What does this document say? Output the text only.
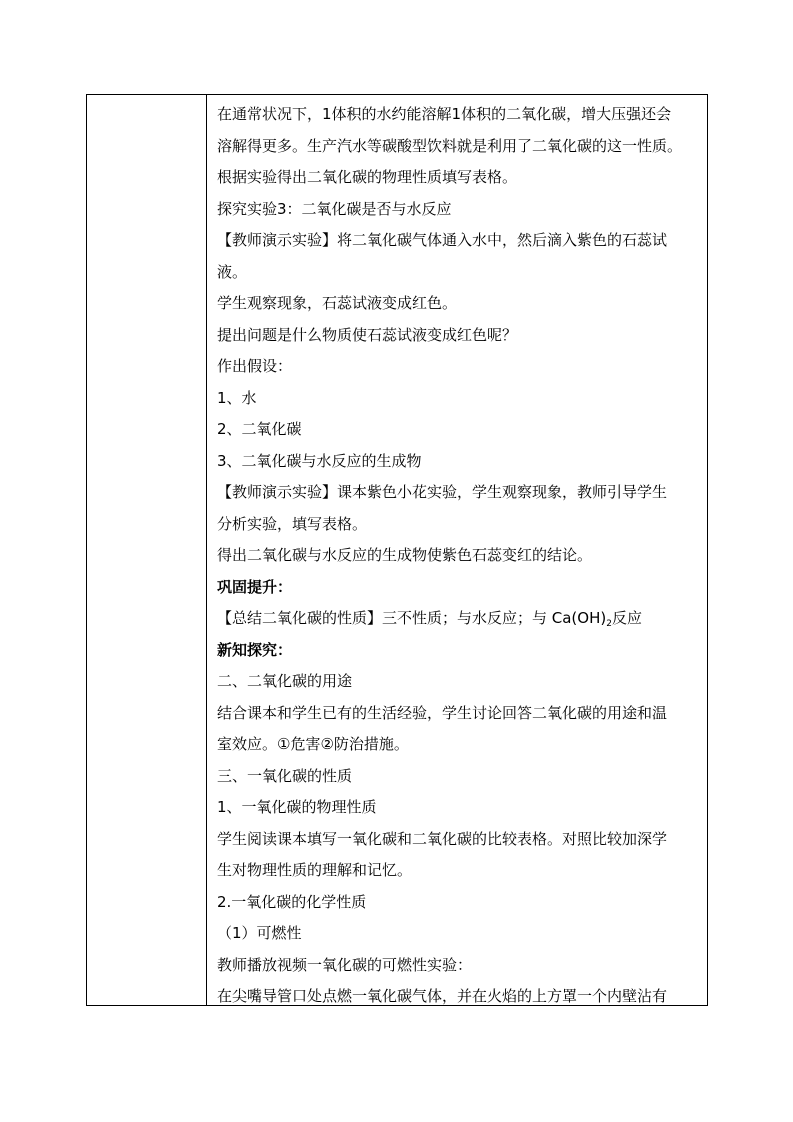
在通常状况下，1体积的水约能溶解1体积的二氧化碳，增大压强还会
溶解得更多。生产汽水等碳酸型饮料就是利用了二氧化碳的这一性质。
根据实验得出二氧化碳的物理性质填写表格。
探究实验3：二氧化碳是否与水反应
【教师演示实验】将二氧化碳气体通入水中，然后滴入紫色的石蕊试
液。
学生观察现象，石蕊试液变成红色。
提出问题是什么物质使石蕊试液变成红色呢？
作出假设：
1、水
2、二氧化碳
3、二氧化碳与水反应的生成物
【教师演示实验】课本紫色小花实验，学生观察现象，教师引导学生
分析实验，填写表格。
得出二氧化碳与水反应的生成物使紫色石蕊变红的结论。
巩固提升：
【总结二氧化碳的性质】三不性质；与水反应；与 $Ca(OH)_2$反应
新知探究：
二、二氧化碳的用途
结合课本和学生已有的生活经验，学生讨论回答二氧化碳的用途和温
室效应。①危害②防治措施。
三、一氧化碳的性质
1、一氧化碳的物理性质
学生阅读课本填写一氧化碳和二氧化碳的比较表格。对照比较加深学
生对物理性质的理解和记忆。
2.一氧化碳的化学性质
（1）可燃性
教师播放视频一氧化碳的可燃性实验：
在尖嘴导管口处点燃一氧化碳气体，并在火焰的上方罩一个内壁沾有
